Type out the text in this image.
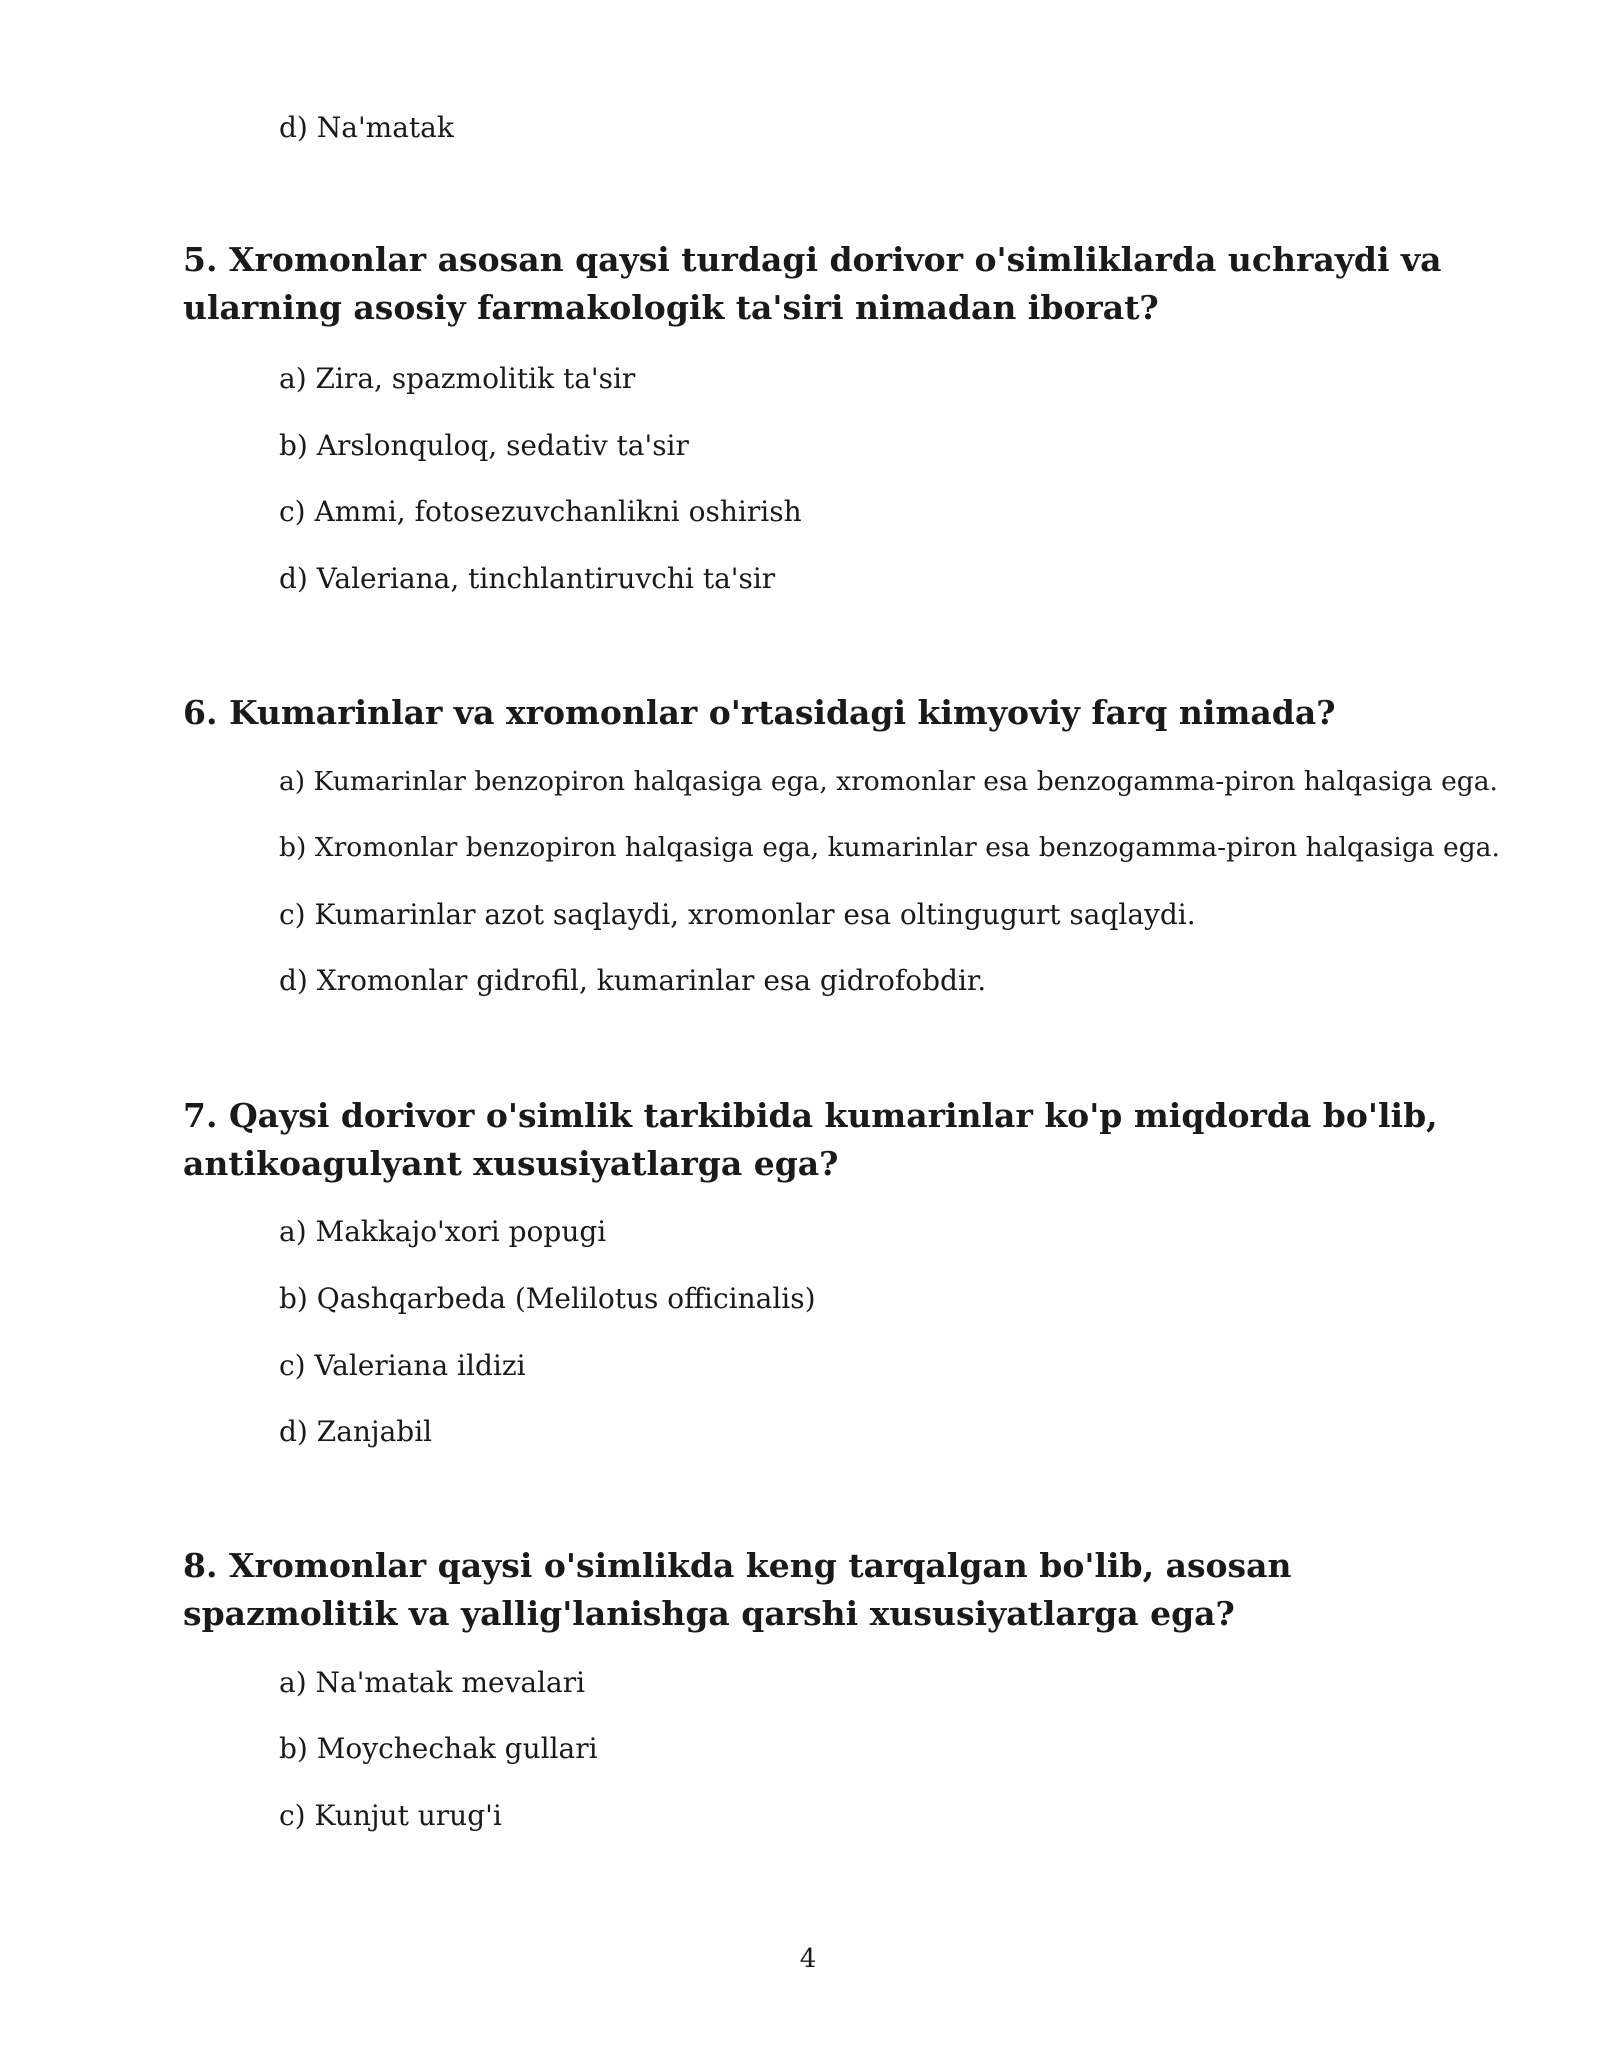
d) Na'matak
5. Xromonlar asosan qaysi turdagi dorivor o'simliklarda uchraydi va ularning asosiy farmakologik ta'siri nimadan iborat?
a) Zira, spazmolitik ta'sir
b) Arslonquloq, sedativ ta'sir
c) Ammi, fotosezuvchanlikni oshirish
d) Valeriana, tinchlantiruvchi ta'sir
6. Kumarinlar va xromonlar o'rtasidagi kimyoviy farq nimada?
a) Kumarinlar benzopiron halqasiga ega, xromonlar esa benzogamma-piron halqasiga ega.
b) Xromonlar benzopiron halqasiga ega, kumarinlar esa benzogamma-piron halqasiga ega.
c) Kumarinlar azot saqlaydi, xromonlar esa oltingugurt saqlaydi.
d) Xromonlar gidrofil, kumarinlar esa gidrofobdir.
7. Qaysi dorivor o'simlik tarkibida kumarinlar ko'p miqdorda bo'lib, antikoagulyant xususiyatlarga ega?
a) Makkajo'xori popugi
b) Qashqarbeda (Melilotus officinalis)
c) Valeriana ildizi
d) Zanjabil
8. Xromonlar qaysi o'simlikda keng tarqalgan bo'lib, asosan spazmolitik va yallig'lanishga qarshi xususiyatlarga ega?
a) Na'matak mevalari
b) Moychechak gullari
c) Kunjut urug'i
4
